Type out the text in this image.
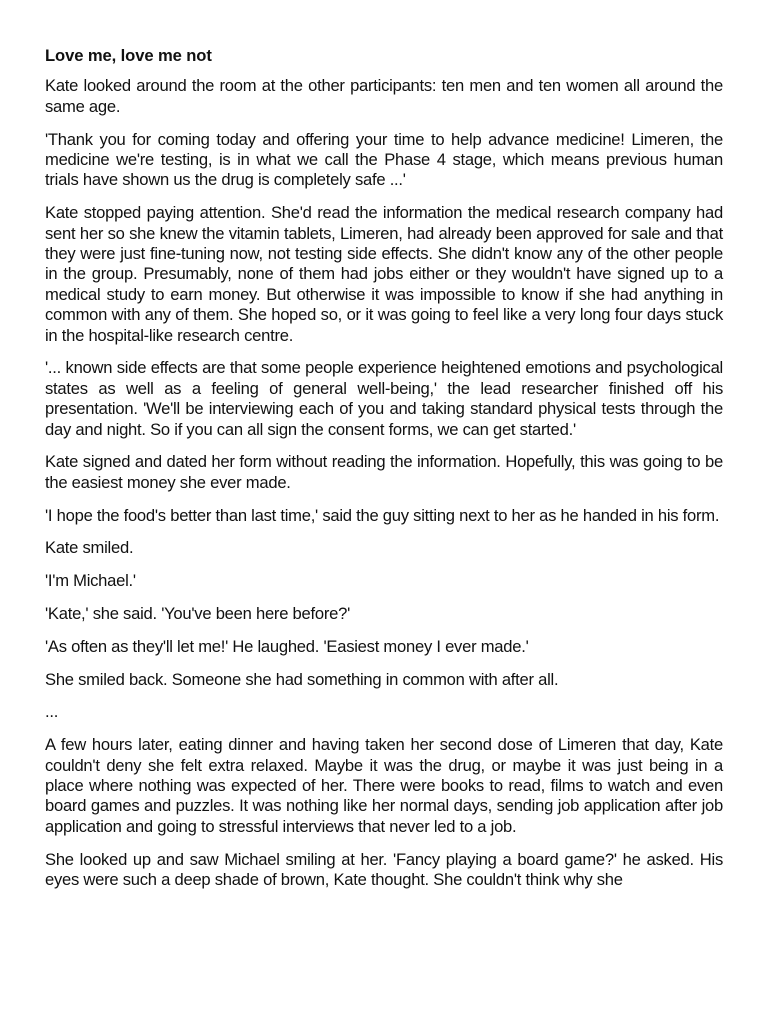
Love me, love me not

Kate looked around the room at the other participants: ten men and ten women all around the same age.

'Thank you for coming today and offering your time to help advance medicine! Limeren, the medicine we're testing, is in what we call the Phase 4 stage, which means previous human trials have shown us the drug is completely safe ...'

Kate stopped paying attention. She'd read the information the medical research company had sent her so she knew the vitamin tablets, Limeren, had already been approved for sale and that they were just fine-tuning now, not testing side effects. She didn't know any of the other people in the group. Presumably, none of them had jobs either or they wouldn't have signed up to a medical study to earn money. But otherwise it was impossible to know if she had anything in common with any of them. She hoped so, or it was going to feel like a very long four days stuck in the hospital-like research centre.

'... known side effects are that some people experience heightened emotions and psychological states as well as a feeling of general well-being,' the lead researcher finished off his presentation. 'We'll be interviewing each of you and taking standard physical tests through the day and night. So if you can all sign the consent forms, we can get started.'

Kate signed and dated her form without reading the information. Hopefully, this was going to be the easiest money she ever made.

'I hope the food's better than last time,' said the guy sitting next to her as he handed in his form.

Kate smiled.

'I'm Michael.'

'Kate,' she said. 'You've been here before?'

'As often as they'll let me!' He laughed. 'Easiest money I ever made.'

She smiled back. Someone she had something in common with after all.

...

A few hours later, eating dinner and having taken her second dose of Limeren that day, Kate couldn't deny she felt extra relaxed. Maybe it was the drug, or maybe it was just being in a place where nothing was expected of her. There were books to read, films to watch and even board games and puzzles. It was nothing like her normal days, sending job application after job application and going to stressful interviews that never led to a job.

She looked up and saw Michael smiling at her. 'Fancy playing a board game?' he asked. His eyes were such a deep shade of brown, Kate thought. She couldn't think why she
